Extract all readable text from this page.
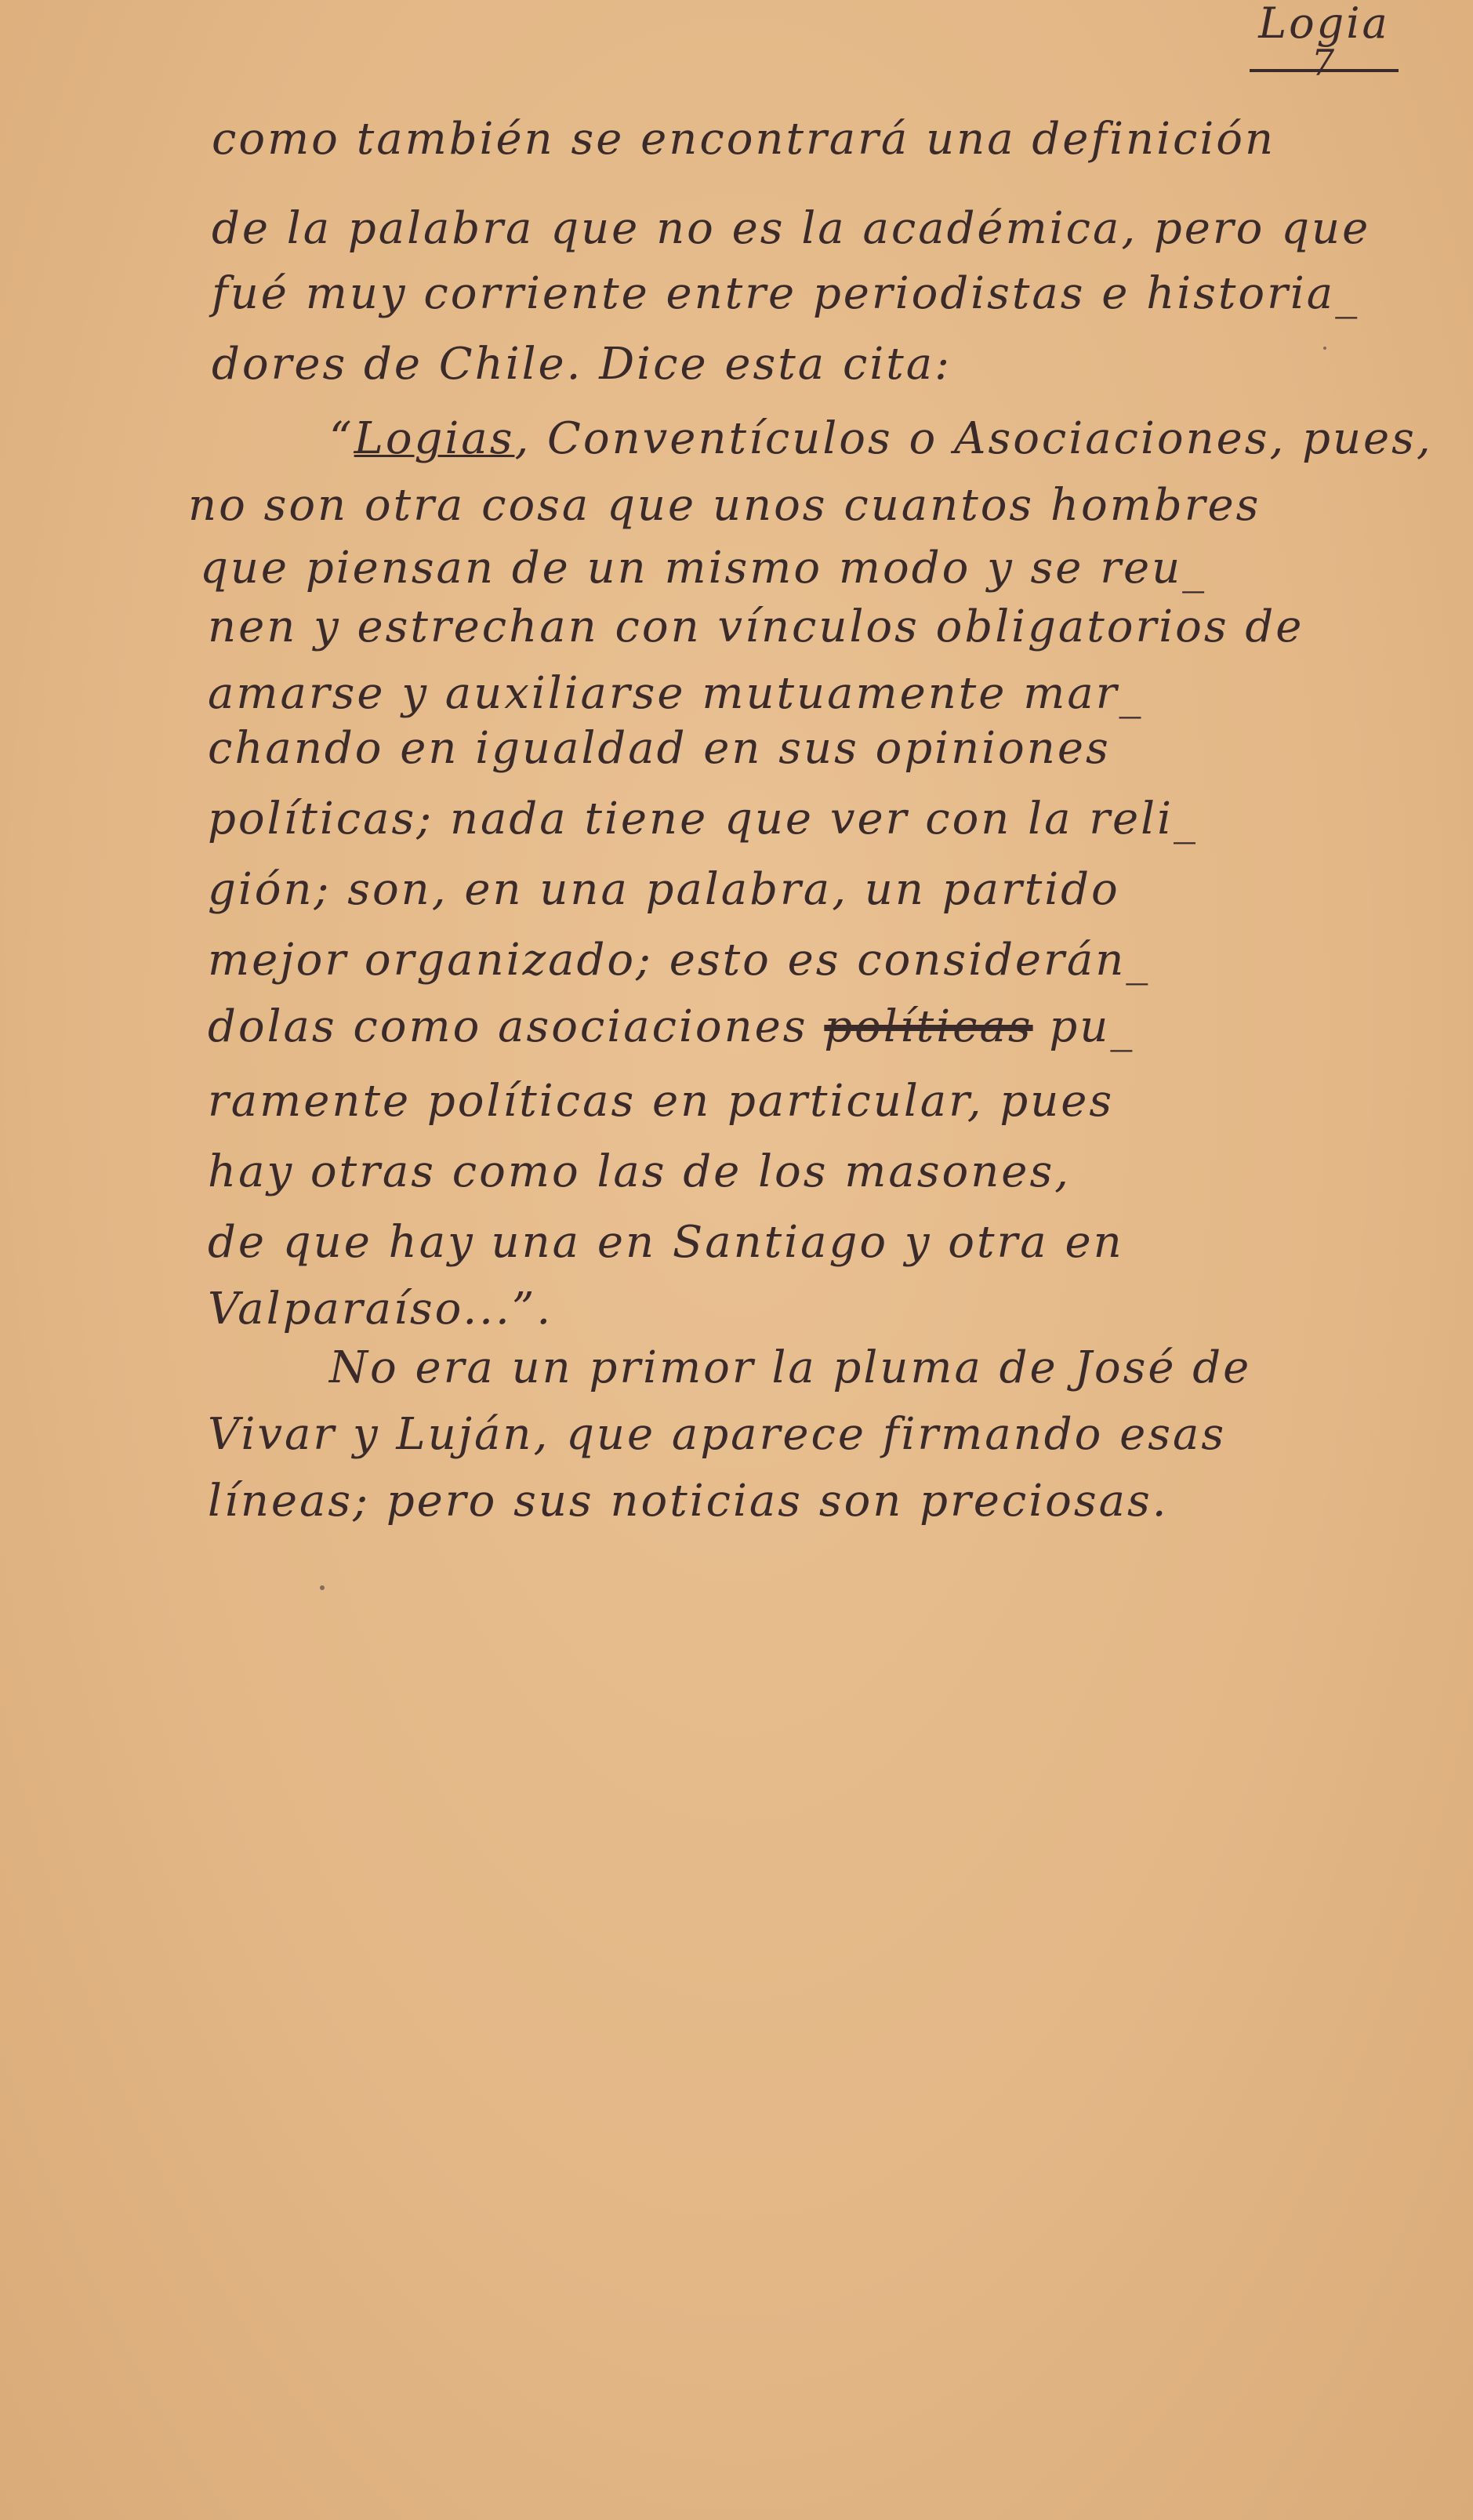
Logia
7
como también se encontrará una definición
de la palabra que no es la académica, pero que
fué muy corriente entre periodistas e historia_
dores de Chile. Dice esta cita:
“Logias, Conventículos o Asociaciones, pues,
no son otra cosa que unos cuantos hombres
que piensan de un mismo modo y se reu_
nen y estrechan con vínculos obligatorios de
amarse y auxiliarse mutuamente mar_
chando en igualdad en sus opiniones
políticas; nada tiene que ver con la reli_
gión; son, en una palabra, un partido
mejor organizado; esto es considerán_
dolas como asociaciones políticas pu_
ramente políticas en particular, pues
hay otras como las de los masones,
de que hay una en Santiago y otra en
Valparaíso...”.
No era un primor la pluma de José de
Vivar y Luján, que aparece firmando esas
líneas; pero sus noticias son preciosas.
